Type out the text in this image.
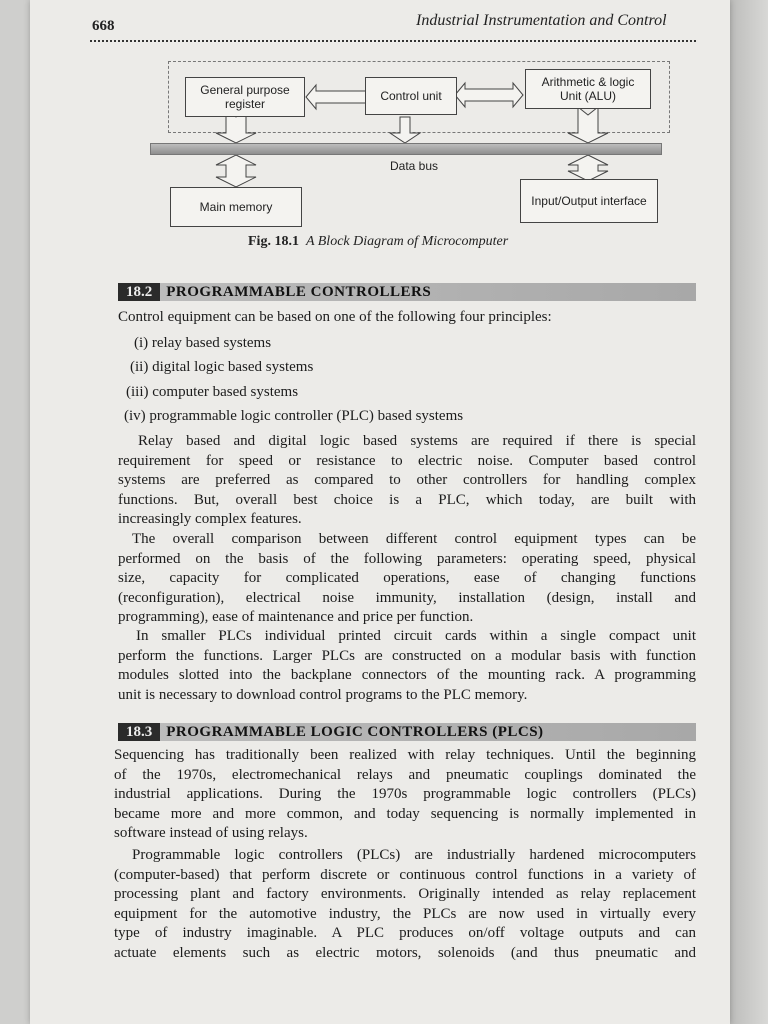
668	Industrial Instrumentation and Control
General purpose register
Control unit
Arithmetic & logic Unit (ALU)
Data bus
Main memory	Input/Output interface
Fig. 18.1 A Block Diagram of Microcomputer
18.2 PROGRAMMABLE CONTROLLERS
Control equipment can be based on one of the following four principles:
(i) relay based systems
(ii) digital logic based systems
(iii) computer based systems
(iv) programmable logic controller (PLC) based systems
Relay based and digital logic based systems are required if there is special
requirement for speed or resistance to electric noise. Computer based control
systems are preferred as compared to other controllers for handling complex
functions. But, overall best choice is a PLC, which today, are built with
increasingly complex features.
The overall comparison between different control equipment types can be
performed on the basis of the following parameters: operating speed, physical
size, capacity for complicated operations, ease of changing functions
(reconfiguration), electrical noise immunity, installation (design, install and
programming), ease of maintenance and price per function.
In smaller PLCs individual printed circuit cards within a single compact unit
perform the functions. Larger PLCs are constructed on a modular basis with function
modules slotted into the backplane connectors of the mounting rack. A programming
unit is necessary to download control programs to the PLC memory.
18.3 PROGRAMMABLE LOGIC CONTROLLERS (PLCS)
Sequencing has traditionally been realized with relay techniques. Until the beginning
of the 1970s, electromechanical relays and pneumatic couplings dominated the
industrial applications. During the 1970s programmable logic controllers (PLCs)
became more and more common, and today sequencing is normally implemented in
software instead of using relays.
Programmable logic controllers (PLCs) are industrially hardened microcomputers
(computer-based) that perform discrete or continuous control functions in a variety of
processing plant and factory environments. Originally intended as relay replacement
equipment for the automotive industry, the PLCs are now used in virtually every
type of industry imaginable. A PLC produces on/off voltage outputs and can
actuate elements such as electric motors, solenoids (and thus pneumatic and
